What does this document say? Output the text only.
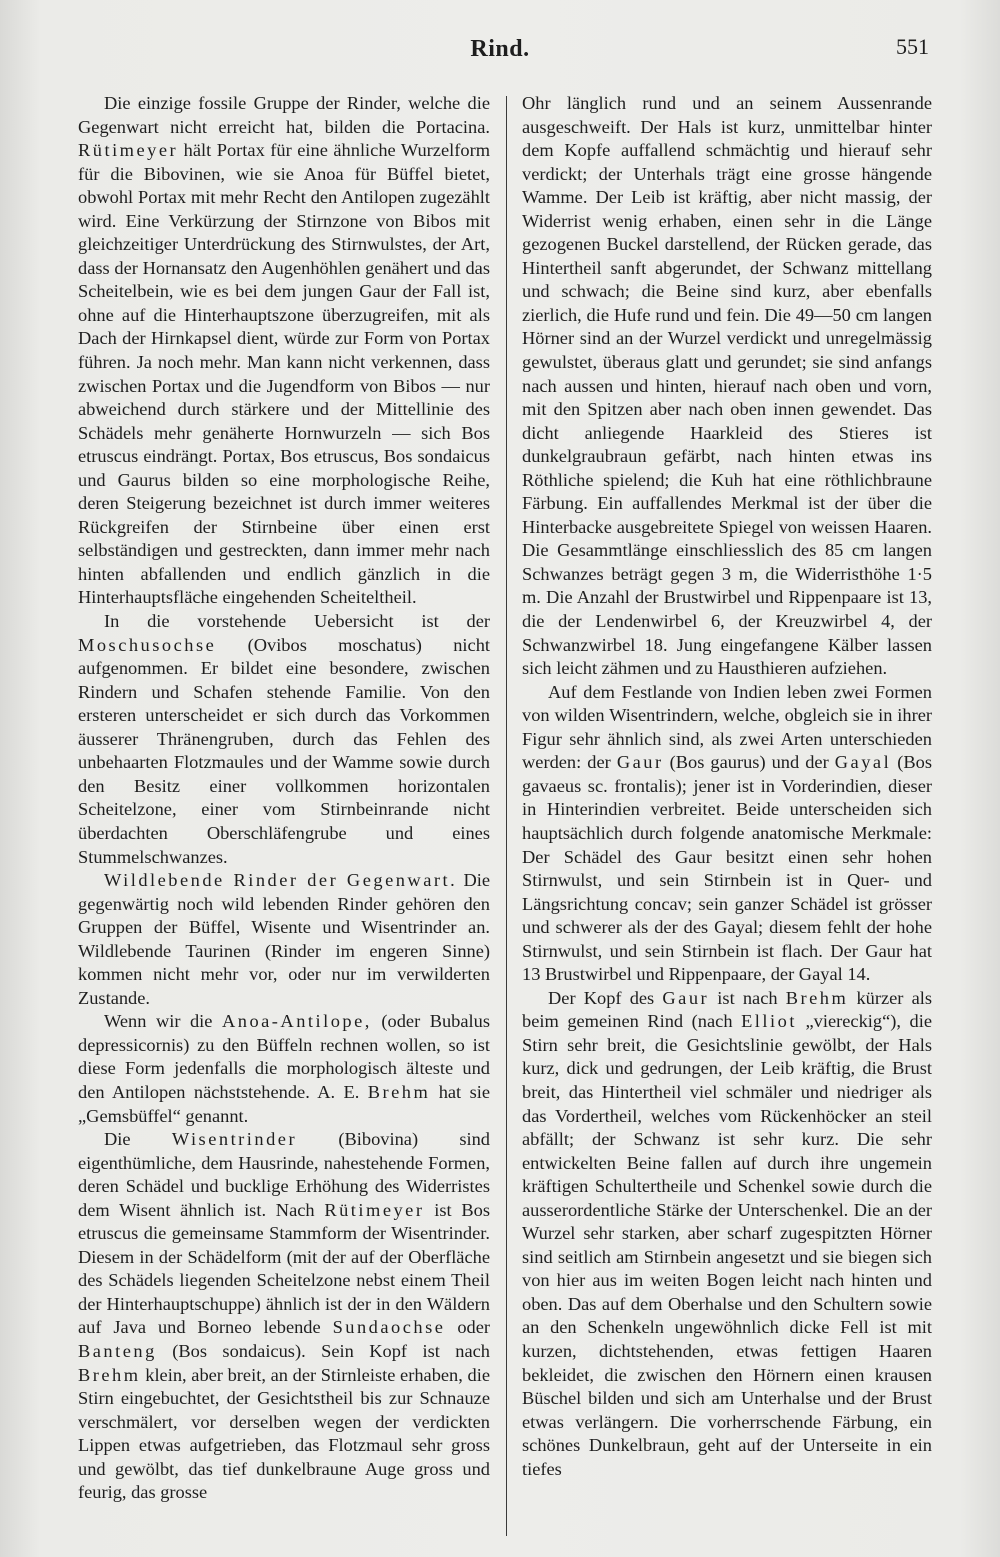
Rind.	551

Die einzige fossile Gruppe der Rinder, welche die Gegenwart nicht erreicht hat, bilden die Portacina. Rütimeyer hält Portax für eine ähnliche Wurzelform für die Bibovinen, wie sie Anoa für Büffel bietet, obwohl Portax mit mehr Recht den Antilopen zugezählt wird. Eine Verkürzung der Stirnzone von Bibos mit gleichzeitiger Unterdrückung des Stirnwulstes, der Art, dass der Hornansatz den Augenhöhlen genähert und das Scheitelbein, wie es bei dem jungen Gaur der Fall ist, ohne auf die Hinterhauptszone überzugreifen, mit als Dach der Hirnkapsel dient, würde zur Form von Portax führen. Ja noch mehr. Man kann nicht verkennen, dass zwischen Portax und die Jugendform von Bibos — nur abweichend durch stärkere und der Mittellinie des Schädels mehr genäherte Hornwurzeln — sich Bos etruscus eindrängt. Portax, Bos etruscus, Bos sondaicus und Gaurus bilden so eine morphologische Reihe, deren Steigerung bezeichnet ist durch immer weiteres Rückgreifen der Stirnbeine über einen erst selbständigen und gestreckten, dann immer mehr nach hinten abfallenden und endlich gänzlich in die Hinterhauptsfläche eingehenden Scheiteltheil.

In die vorstehende Uebersicht ist der Moschusochse (Ovibos moschatus) nicht aufgenommen. Er bildet eine besondere, zwischen Rindern und Schafen stehende Familie. Von den ersteren unterscheidet er sich durch das Vorkommen äusserer Thränengruben, durch das Fehlen des unbehaarten Flotzmaules und der Wamme sowie durch den Besitz einer vollkommen horizontalen Scheitelzone, einer vom Stirnbeinrande nicht überdachten Oberschläfengrube und eines Stummelschwanzes.

Wildlebende Rinder der Gegenwart. Die gegenwärtig noch wild lebenden Rinder gehören den Gruppen der Büffel, Wisente und Wisentrinder an. Wildlebende Taurinen (Rinder im engeren Sinne) kommen nicht mehr vor, oder nur im verwilderten Zustande.

Wenn wir die Anoa-Antilope, (oder Bubalus depressicornis) zu den Büffeln rechnen wollen, so ist diese Form jedenfalls die morphologisch älteste und den Antilopen nächststehende. A. E. Brehm hat sie „Gemsbüffel“ genannt.

Die Wisentrinder (Bibovina) sind eigenthümliche, dem Hausrinde, nahestehende Formen, deren Schädel und bucklige Erhöhung des Widerristes dem Wisent ähnlich ist. Nach Rütimeyer ist Bos etruscus die gemeinsame Stammform der Wisentrinder. Diesem in der Schädelform (mit der auf der Oberfläche des Schädels liegenden Scheitelzone nebst einem Theil der Hinterhauptschuppe) ähnlich ist der in den Wäldern auf Java und Borneo lebende Sundaochse oder Banteng (Bos sondaicus). Sein Kopf ist nach Brehm klein, aber breit, an der Stirnleiste erhaben, die Stirn eingebuchtet, der Gesichtstheil bis zur Schnauze verschmälert, vor derselben wegen der verdickten Lippen etwas aufgetrieben, das Flotzmaul sehr gross und gewölbt, das tief dunkelbraune Auge gross und feurig, das grosse

Ohr länglich rund und an seinem Aussenrande ausgeschweift. Der Hals ist kurz, unmittelbar hinter dem Kopfe auffallend schmächtig und hierauf sehr verdickt; der Unterhals trägt eine grosse hängende Wamme. Der Leib ist kräftig, aber nicht massig, der Widerrist wenig erhaben, einen sehr in die Länge gezogenen Buckel darstellend, der Rücken gerade, das Hintertheil sanft abgerundet, der Schwanz mittellang und schwach; die Beine sind kurz, aber ebenfalls zierlich, die Hufe rund und fein. Die 49—50 cm langen Hörner sind an der Wurzel verdickt und unregelmässig gewulstet, überaus glatt und gerundet; sie sind anfangs nach aussen und hinten, hierauf nach oben und vorn, mit den Spitzen aber nach oben innen gewendet. Das dicht anliegende Haarkleid des Stieres ist dunkelgraubraun gefärbt, nach hinten etwas ins Röthliche spielend; die Kuh hat eine röthlichbraune Färbung. Ein auffallendes Merkmal ist der über die Hinterbacke ausgebreitete Spiegel von weissen Haaren. Die Gesammtlänge einschliesslich des 85 cm langen Schwanzes beträgt gegen 3 m, die Widerristhöhe 1·5 m. Die Anzahl der Brustwirbel und Rippenpaare ist 13, die der Lendenwirbel 6, der Kreuzwirbel 4, der Schwanzwirbel 18. Jung eingefangene Kälber lassen sich leicht zähmen und zu Hausthieren aufziehen.

Auf dem Festlande von Indien leben zwei Formen von wilden Wisentrindern, welche, obgleich sie in ihrer Figur sehr ähnlich sind, als zwei Arten unterschieden werden: der Gaur (Bos gaurus) und der Gayal (Bos gavaeus sc. frontalis); jener ist in Vorderindien, dieser in Hinterindien verbreitet. Beide unterscheiden sich hauptsächlich durch folgende anatomische Merkmale: Der Schädel des Gaur besitzt einen sehr hohen Stirnwulst, und sein Stirnbein ist in Quer- und Längsrichtung concav; sein ganzer Schädel ist grösser und schwerer als der des Gayal; diesem fehlt der hohe Stirnwulst, und sein Stirnbein ist flach. Der Gaur hat 13 Brustwirbel und Rippenpaare, der Gayal 14.

Der Kopf des Gaur ist nach Brehm kürzer als beim gemeinen Rind (nach Elliot „viereckig“), die Stirn sehr breit, die Gesichtslinie gewölbt, der Hals kurz, dick und gedrungen, der Leib kräftig, die Brust breit, das Hintertheil viel schmäler und niedriger als das Vordertheil, welches vom Rückenhöcker an steil abfällt; der Schwanz ist sehr kurz. Die sehr entwickelten Beine fallen auf durch ihre ungemein kräftigen Schultertheile und Schenkel sowie durch die ausserordentliche Stärke der Unterschenkel. Die an der Wurzel sehr starken, aber scharf zugespitzten Hörner sind seitlich am Stirnbein angesetzt und sie biegen sich von hier aus im weiten Bogen leicht nach hinten und oben. Das auf dem Oberhalse und den Schultern sowie an den Schenkeln ungewöhnlich dicke Fell ist mit kurzen, dichtstehenden, etwas fettigen Haaren bekleidet, die zwischen den Hörnern einen krausen Büschel bilden und sich am Unterhalse und der Brust etwas verlängern. Die vorherrschende Färbung, ein schönes Dunkelbraun, geht auf der Unterseite in ein tiefes
